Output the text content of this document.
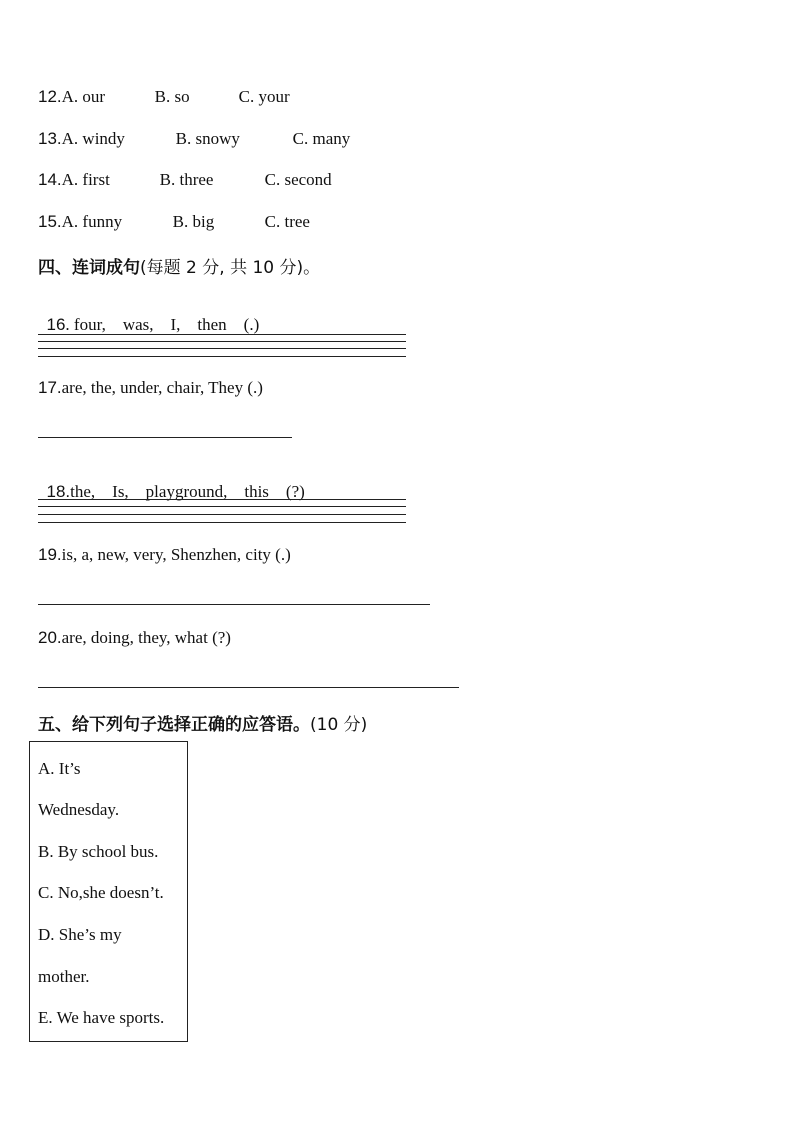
12.A. our	B. so	C. your
13.A. windy	B. snowy	C. many
14.A. first	B. three	C. second
15.A. funny	B. big	C. tree
四、连词成句(每题 2 分, 共 10 分)。

16. four,    was,    I,    then    (.)

17.are, the, under, chair, They (.)

18.the,    Is,    playground,    this    (?)

19.is, a, new, very, Shenzhen, city (.)
20.are, doing, they, what (?)
五、给下列句子选择正确的应答语。(10 分)
A. It’s
Wednesday.
B. By school bus.
C. No,she doesn’t.
D. She’s my
mother.
E. We have sports.
